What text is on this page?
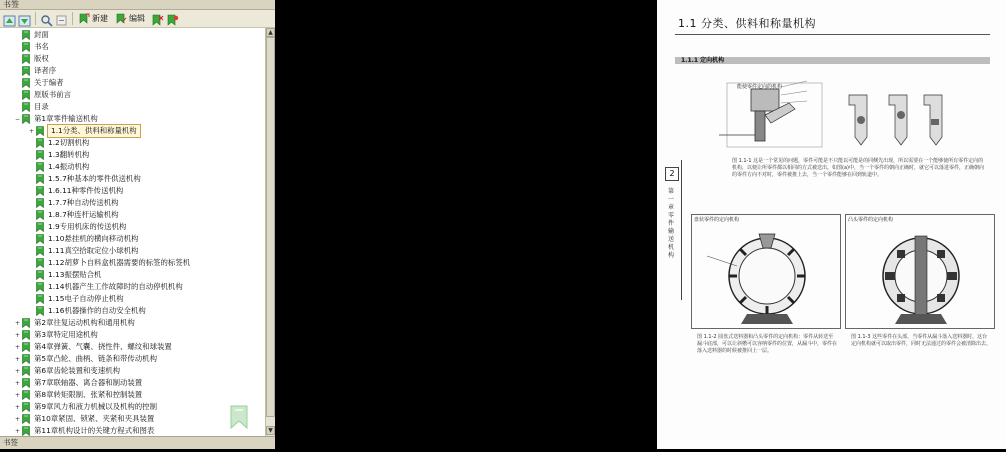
书签
新建	编辑
封面
书名
版权
译者序
关于编者
原版书前言
目录
− 第1章零件输送机构
+	1.1分类、供料和称量机构
1.2切割机构
1.3翻转机构
1.4振动机构
1.5.7种基本的零件供送机构
1.6.11种零件传送机构
1.7.7种自动传送机构
1.8.7种连杆运输机构
1.9专用机床的传送机构
1.10悬挂机的横向移动机构
1.11真空拾取定位小球机构
1.12胡萝卜自料盒机器需要的标签的标签机
1.13振摆贴合机
1.14机器产生工作故障时的自动停机机构
1.15电子自动停止机构
1.16机器操作的自动安全机构
+ 第2章往复运动机构和通用机构
+ 第3章特定用途机构
+ 第4章弹簧、气囊、挠性件、螺纹和球装置
+ 第5章凸轮、曲柄、链条和带传动机构
+ 第6章齿轮装置和变速机构
+ 第7章联轴器、离合器和制动装置
+ 第8章转矩限制、张紧和控制装置
+ 第9章风力和液力机械以及机构的控制
+ 第10章紧固、锁紧、夹紧和夹具装置
+ 第11章机构设计的关键方程式和图表
▲
▼
书签
1.1 分类、供料和称量机构
1.1.1 定向机构
能使零件定向的机构
图 1.1-1 这是一个常见的问题，零件可能是不只能以可能是的同侧先出现，所以需要在一个能够使所有零件定向的机构，以便让所零件都以相同的方式被送出。如图(a)中，当一个零件的朝向正确时，就它可以落进零件，正确朝向的零件方向不对时，零件被推上去，当一个零件能够在回到轨道中。
2
第一章 零件输送机构
盘状零件的定向机构	凸头零件的定向机构
图 1.1-2 圆盘式送料器和凸头零件的定向机构：零件从转送至漏斗底部，可以让斜槽可以容纳零件的位置，从漏斗中，零件在落入送料器的时候被推回上一层。
图 1.1-3 这些零件在头部，当零件从漏斗落入送料器时，这台定向机构就可以取出零件，同时无法通过的零件会被清除出去。
